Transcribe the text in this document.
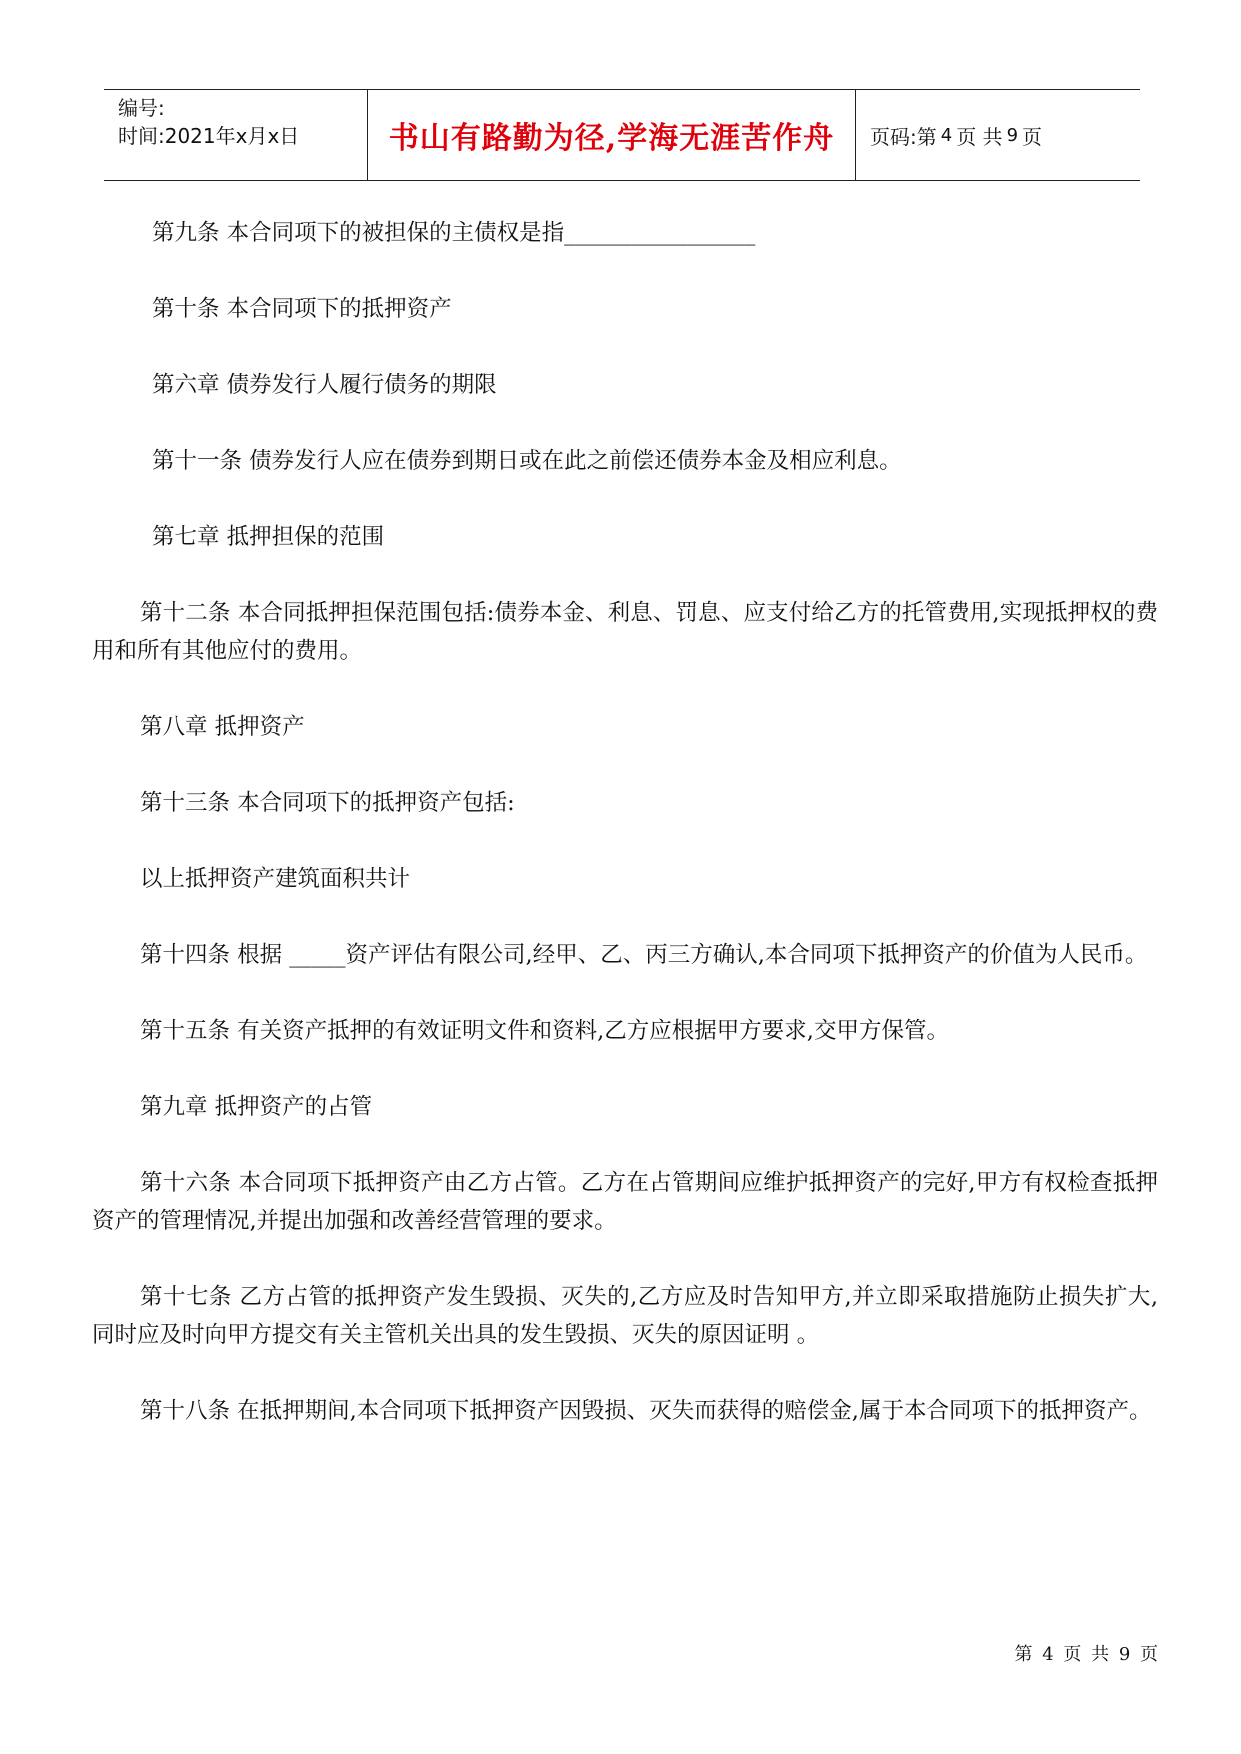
编号:
时间:2021年x月x日	书山有路勤为径,学海无涯苦作舟	页码:第 4 页 共 9 页

第九条 本合同项下的被担保的主债权是指_________________

第十条 本合同项下的抵押资产

第六章 债券发行人履行债务的期限

第十一条 债券发行人应在债券到期日或在此之前偿还债券本金及相应利息。

第七章 抵押担保的范围

第十二条 本合同抵押担保范围包括:债券本金、利息、罚息、应支付给乙方的托管费用,实现抵押权的费用和所有其他应付的费用。

第八章 抵押资产

第十三条 本合同项下的抵押资产包括:

以上抵押资产建筑面积共计

第十四条 根据 _____资产评估有限公司,经甲、乙、丙三方确认,本合同项下抵押资产的价值为人民币。

第十五条 有关资产抵押的有效证明文件和资料,乙方应根据甲方要求,交甲方保管。

第九章 抵押资产的占管

第十六条 本合同项下抵押资产由乙方占管。乙方在占管期间应维护抵押资产的完好,甲方有权检查抵押资产的管理情况,并提出加强和改善经营管理的要求。

第十七条 乙方占管的抵押资产发生毁损、灭失的,乙方应及时告知甲方,并立即采取措施防止损失扩大,同时应及时向甲方提交有关主管机关出具的发生毁损、灭失的原因证明 。

第十八条 在抵押期间,本合同项下抵押资产因毁损、灭失而获得的赔偿金,属于本合同项下的抵押资产。

第 4 页 共 9 页
